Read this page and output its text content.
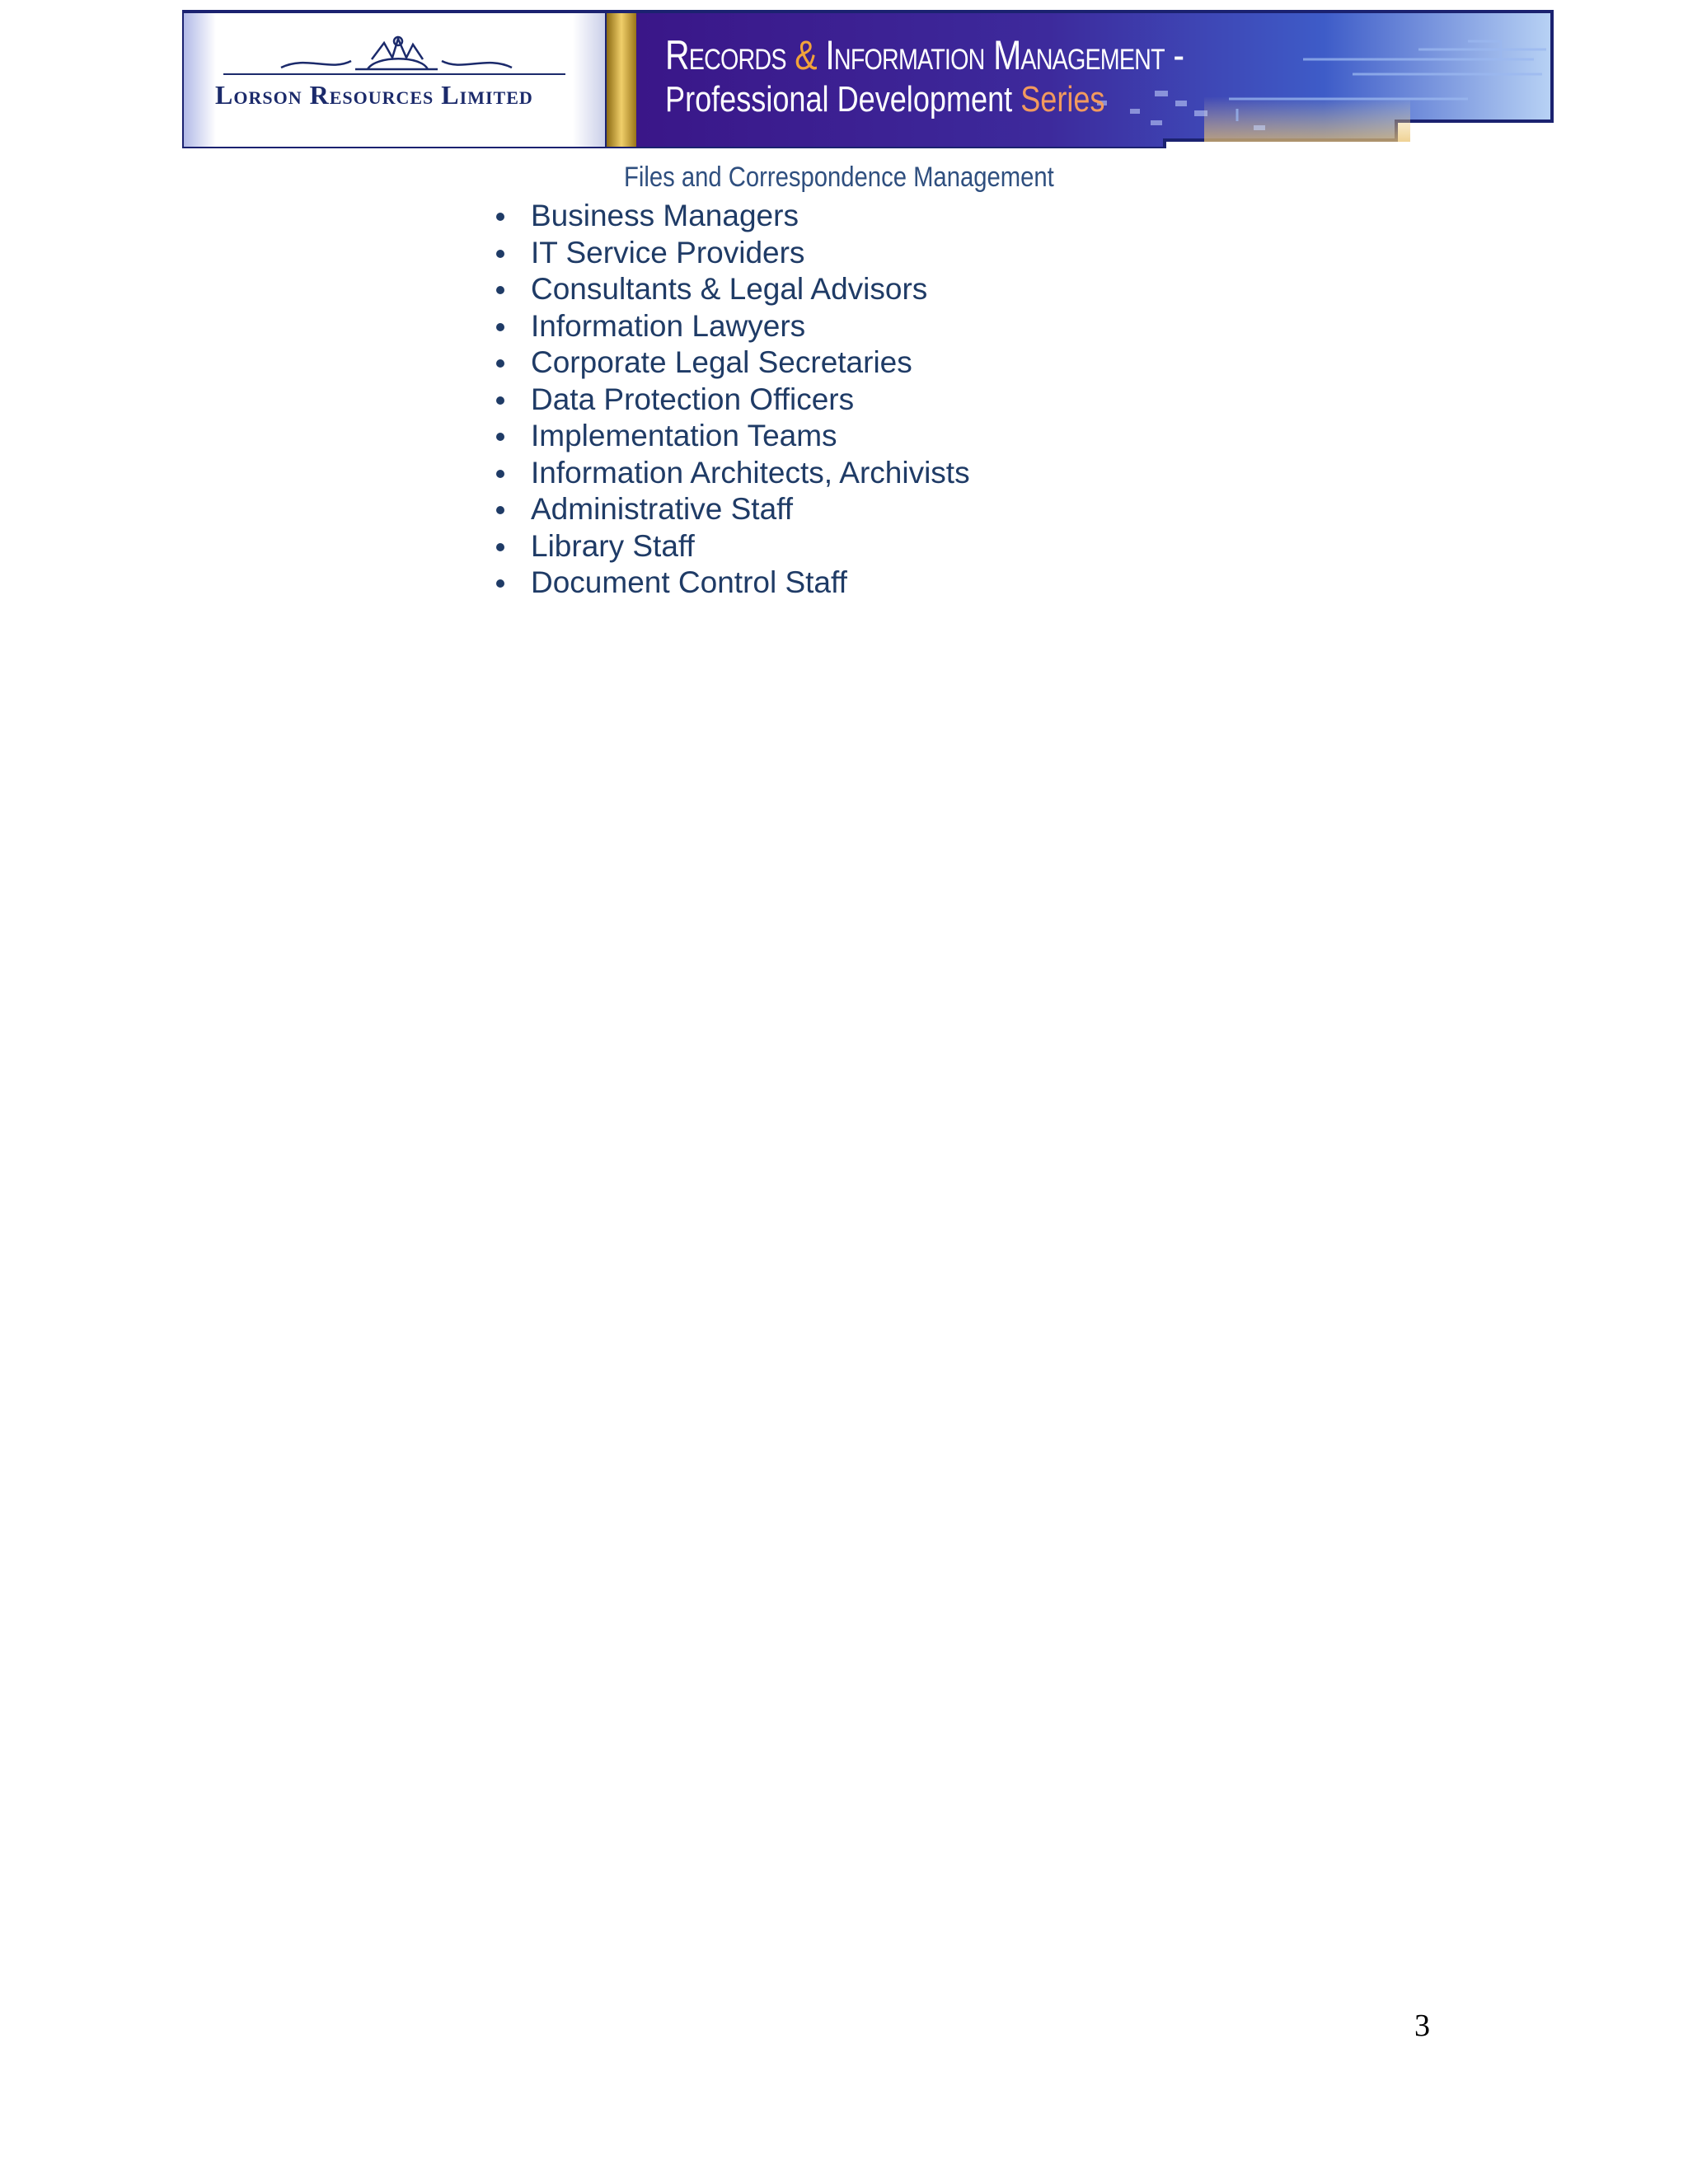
Lorson Resources Limited
Records & Information Management -
Professional Development Series
Files and Correspondence Management
Business Managers
IT Service Providers
Consultants & Legal Advisors
Information Lawyers
Corporate Legal Secretaries
Data Protection Officers
Implementation Teams
Information Architects, Archivists
Administrative Staff
Library Staff
Document Control Staff
3
